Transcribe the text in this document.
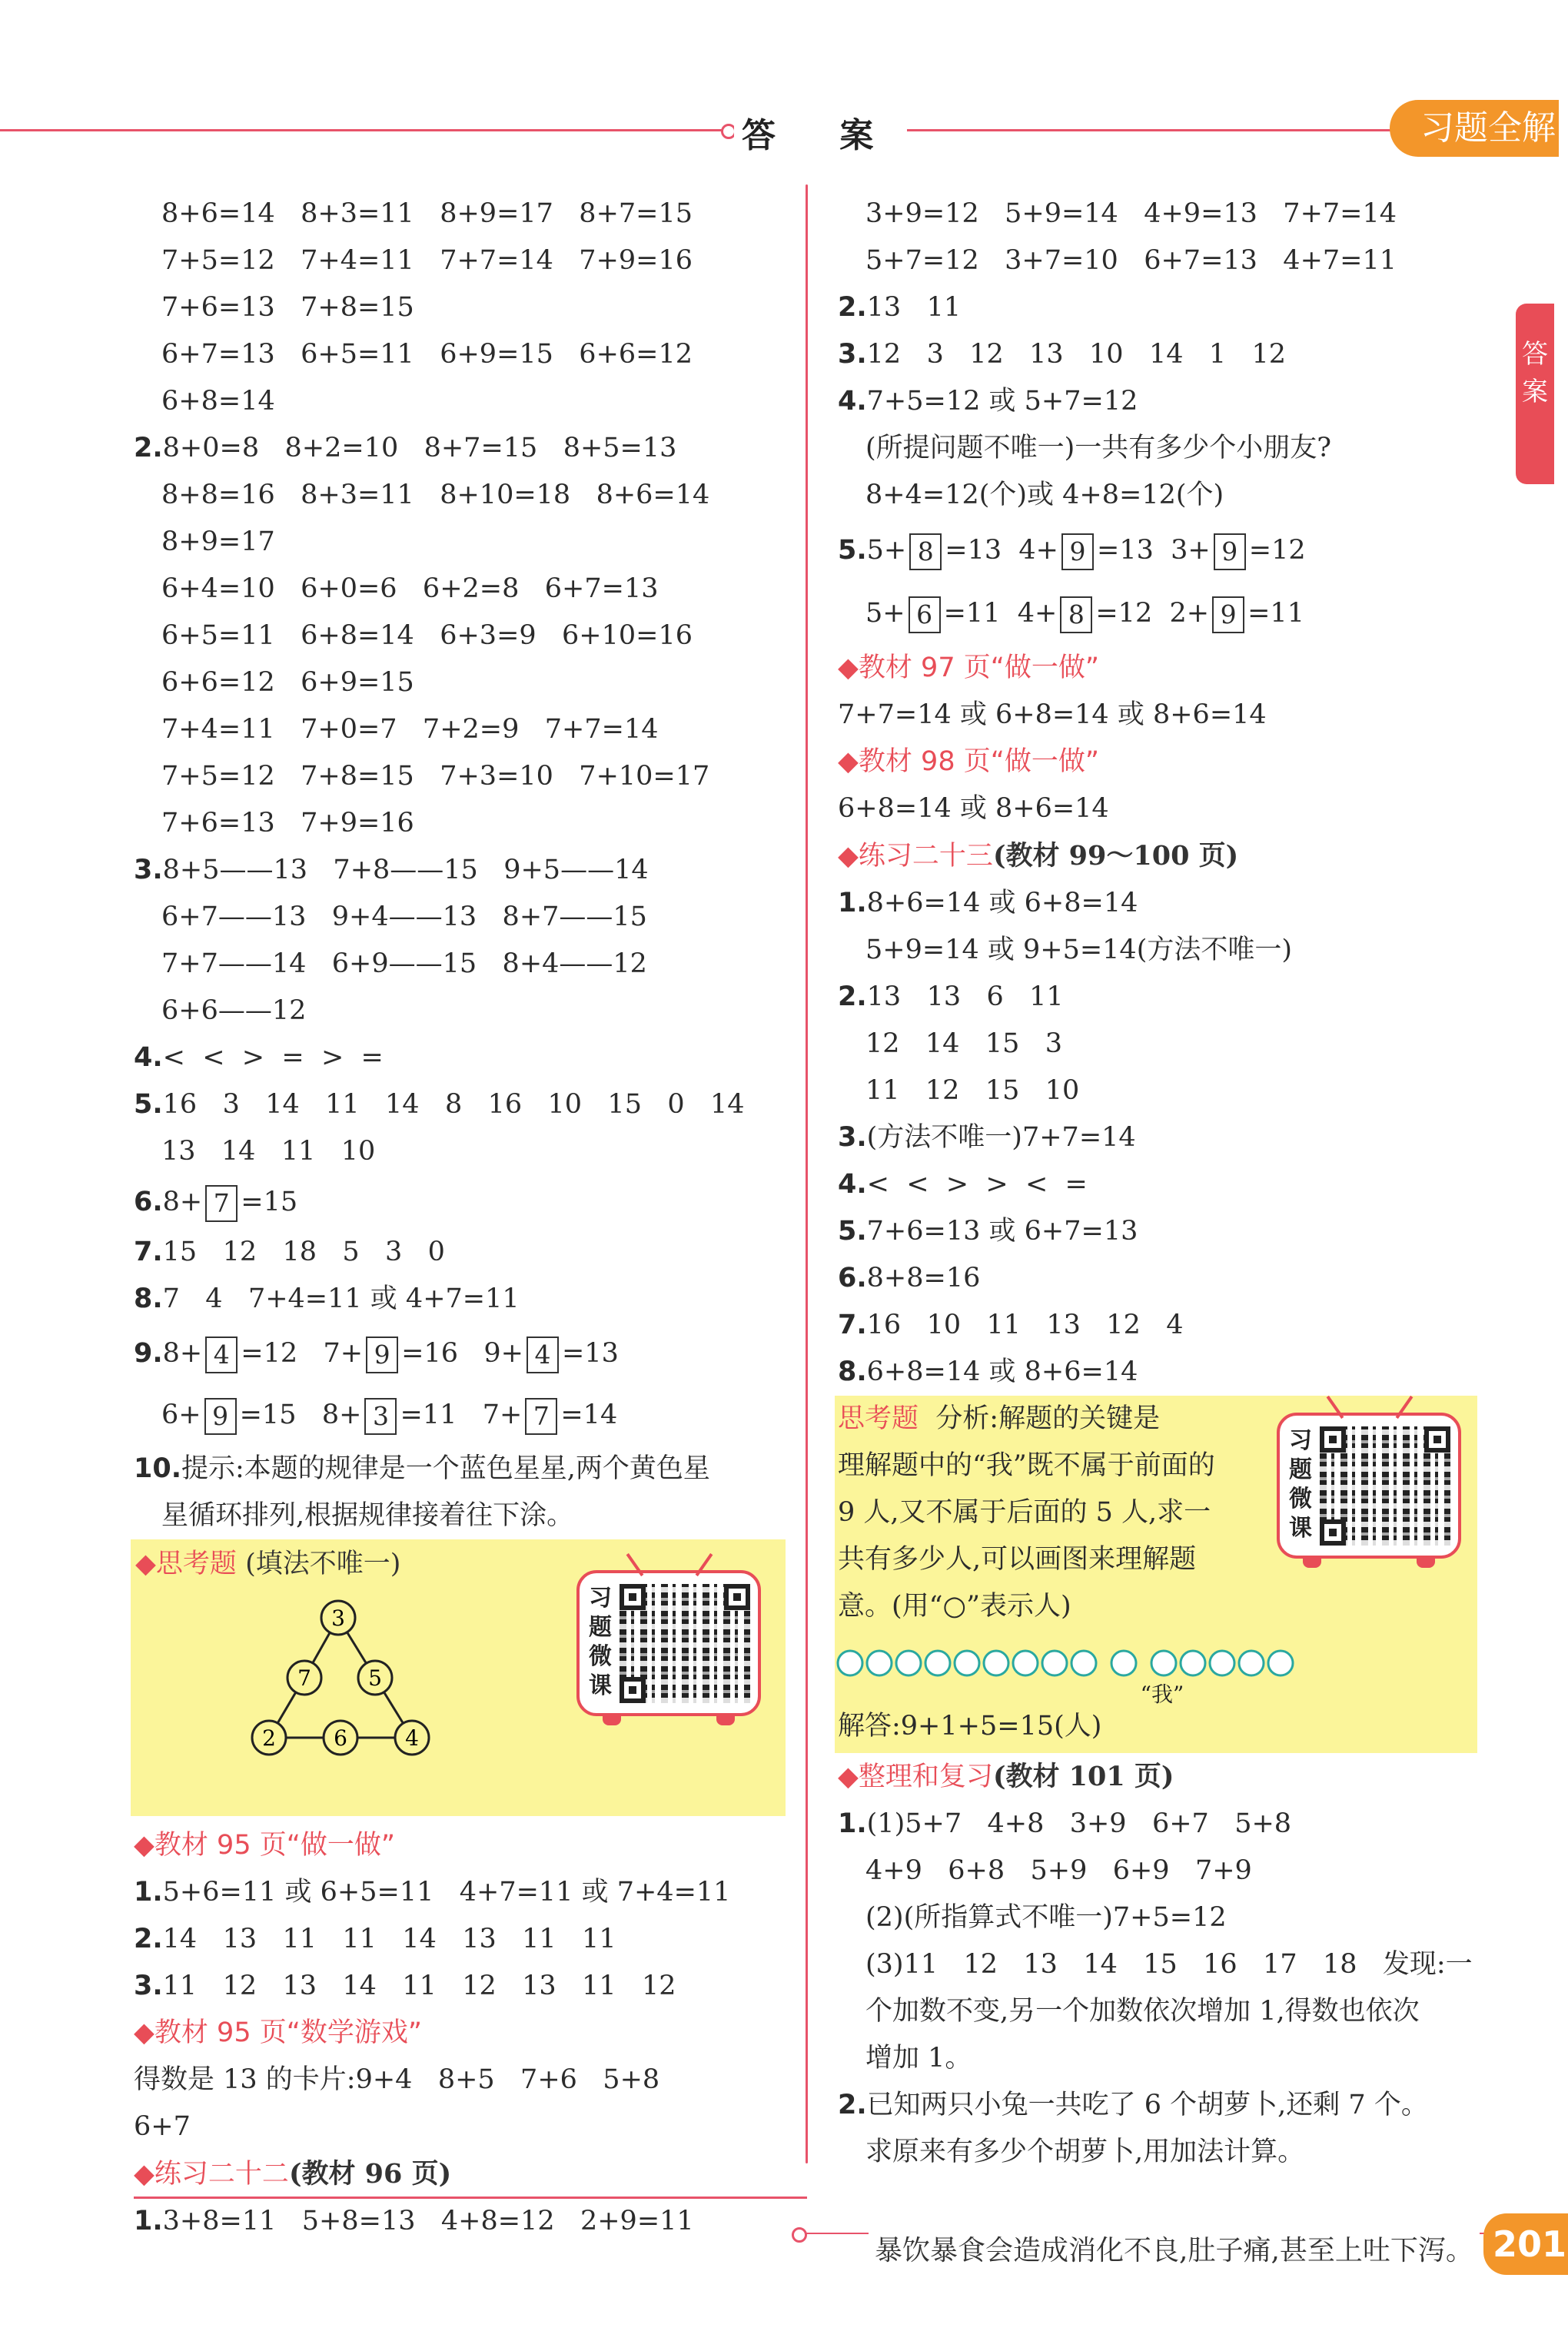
答 案	习题全解
答案
8+6=14   8+3=11   8+9=17   8+7=15
7+5=12   7+4=11   7+7=14   7+9=16
7+6=13   7+8=15
6+7=13   6+5=11   6+9=15   6+6=12
6+8=14
2.8+0=8   8+2=10   8+7=15   8+5=13
8+8=16   8+3=11   8+10=18   8+6=14
8+9=17
6+4=10   6+0=6   6+2=8   6+7=13
6+5=11   6+8=14   6+3=9   6+10=16
6+6=12   6+9=15
7+4=11   7+0=7   7+2=9   7+7=14
7+5=12   7+8=15   7+3=10   7+10=17
7+6=13   7+9=16
3.8+5——13   7+8——15   9+5——14
6+7——13   9+4——13   8+7——15
7+7——14   6+9——15   8+4——12
6+6——12
4.<  <  >  =  >  =
5.16   3   14   11   14   8   16   10   15   0   14
13   14   11   10
6.8+ 7 =15
7.15   12   18   5   3   0
8.7   4   7+4=11 或 4+7=11
9.8+ 4 =12 7+ 9 =16 9+ 4 =13
6+ 9 =15 8+ 3 =11 7+ 7 =14
10.提示:本题的规律是一个蓝色星星,两个黄色星
星循环排列,根据规律接着往下涂。
◆思考题 (填法不唯一)
3
7	5
2	6	4
习
题
微
课
◆教材 95 页“做一做”
1.5+6=11 或 6+5=11   4+7=11 或 7+4=11
2.14   13   11   11   14   13   11   11
3.11   12   13   14   11   12   13   11   12
◆教材 95 页“数学游戏”
得数是 13 的卡片:9+4   8+5   7+6   5+8
6+7
◆练习二十二(教材 96 页)
1.3+8=11   5+8=13   4+8=12   2+9=11
3+9=12   5+9=14   4+9=13   7+7=14
5+7=12   3+7=10   6+7=13   4+7=11
2.13   11
3.12   3   12   13   10   14   1   12
4.7+5=12 或 5+7=12
(所提问题不唯一)一共有多少个小朋友?
8+4=12(个)或 4+8=12(个)
5.5+ 8 =13 4+ 9 =13 3+ 9 =12
5+ 6 =11 4+ 8 =12 2+ 9 =11
◆教材 97 页“做一做”
7+7=14 或 6+8=14 或 8+6=14
◆教材 98 页“做一做”
6+8=14 或 8+6=14
◆练习二十三(教材 99～100 页)
1.8+6=14 或 6+8=14
5+9=14 或 9+5=14(方法不唯一)
2.13   13   6   11
12   14   15   3
11   12   15   10
3.(方法不唯一)7+7=14
4.<  <  >  >  <  =
5.7+6=13 或 6+7=13
6.8+8=16
7.16   10   11   13   12   4
8.6+8=14 或 8+6=14
思考题 分析:解题的关键是
理解题中的“我”既不属于前面的
9 人,又不属于后面的 5 人,求一
共有多少人,可以画图来理解题
意。(用“○”表示人)
“我”
解答:9+1+5=15(人)
习
题
微
课
◆整理和复习(教材 101 页)
1.(1)5+7   4+8   3+9   6+7   5+8
4+9   6+8   5+9   6+9   7+9
(2)(所指算式不唯一)7+5=12
(3)11   12   13   14   15   16   17   18   发现:一
个加数不变,另一个加数依次增加 1,得数也依次
增加 1。
2.已知两只小兔一共吃了 6 个胡萝卜,还剩 7 个。
求原来有多少个胡萝卜,用加法计算。
暴饮暴食会造成消化不良,肚子痛,甚至上吐下泻。 201
